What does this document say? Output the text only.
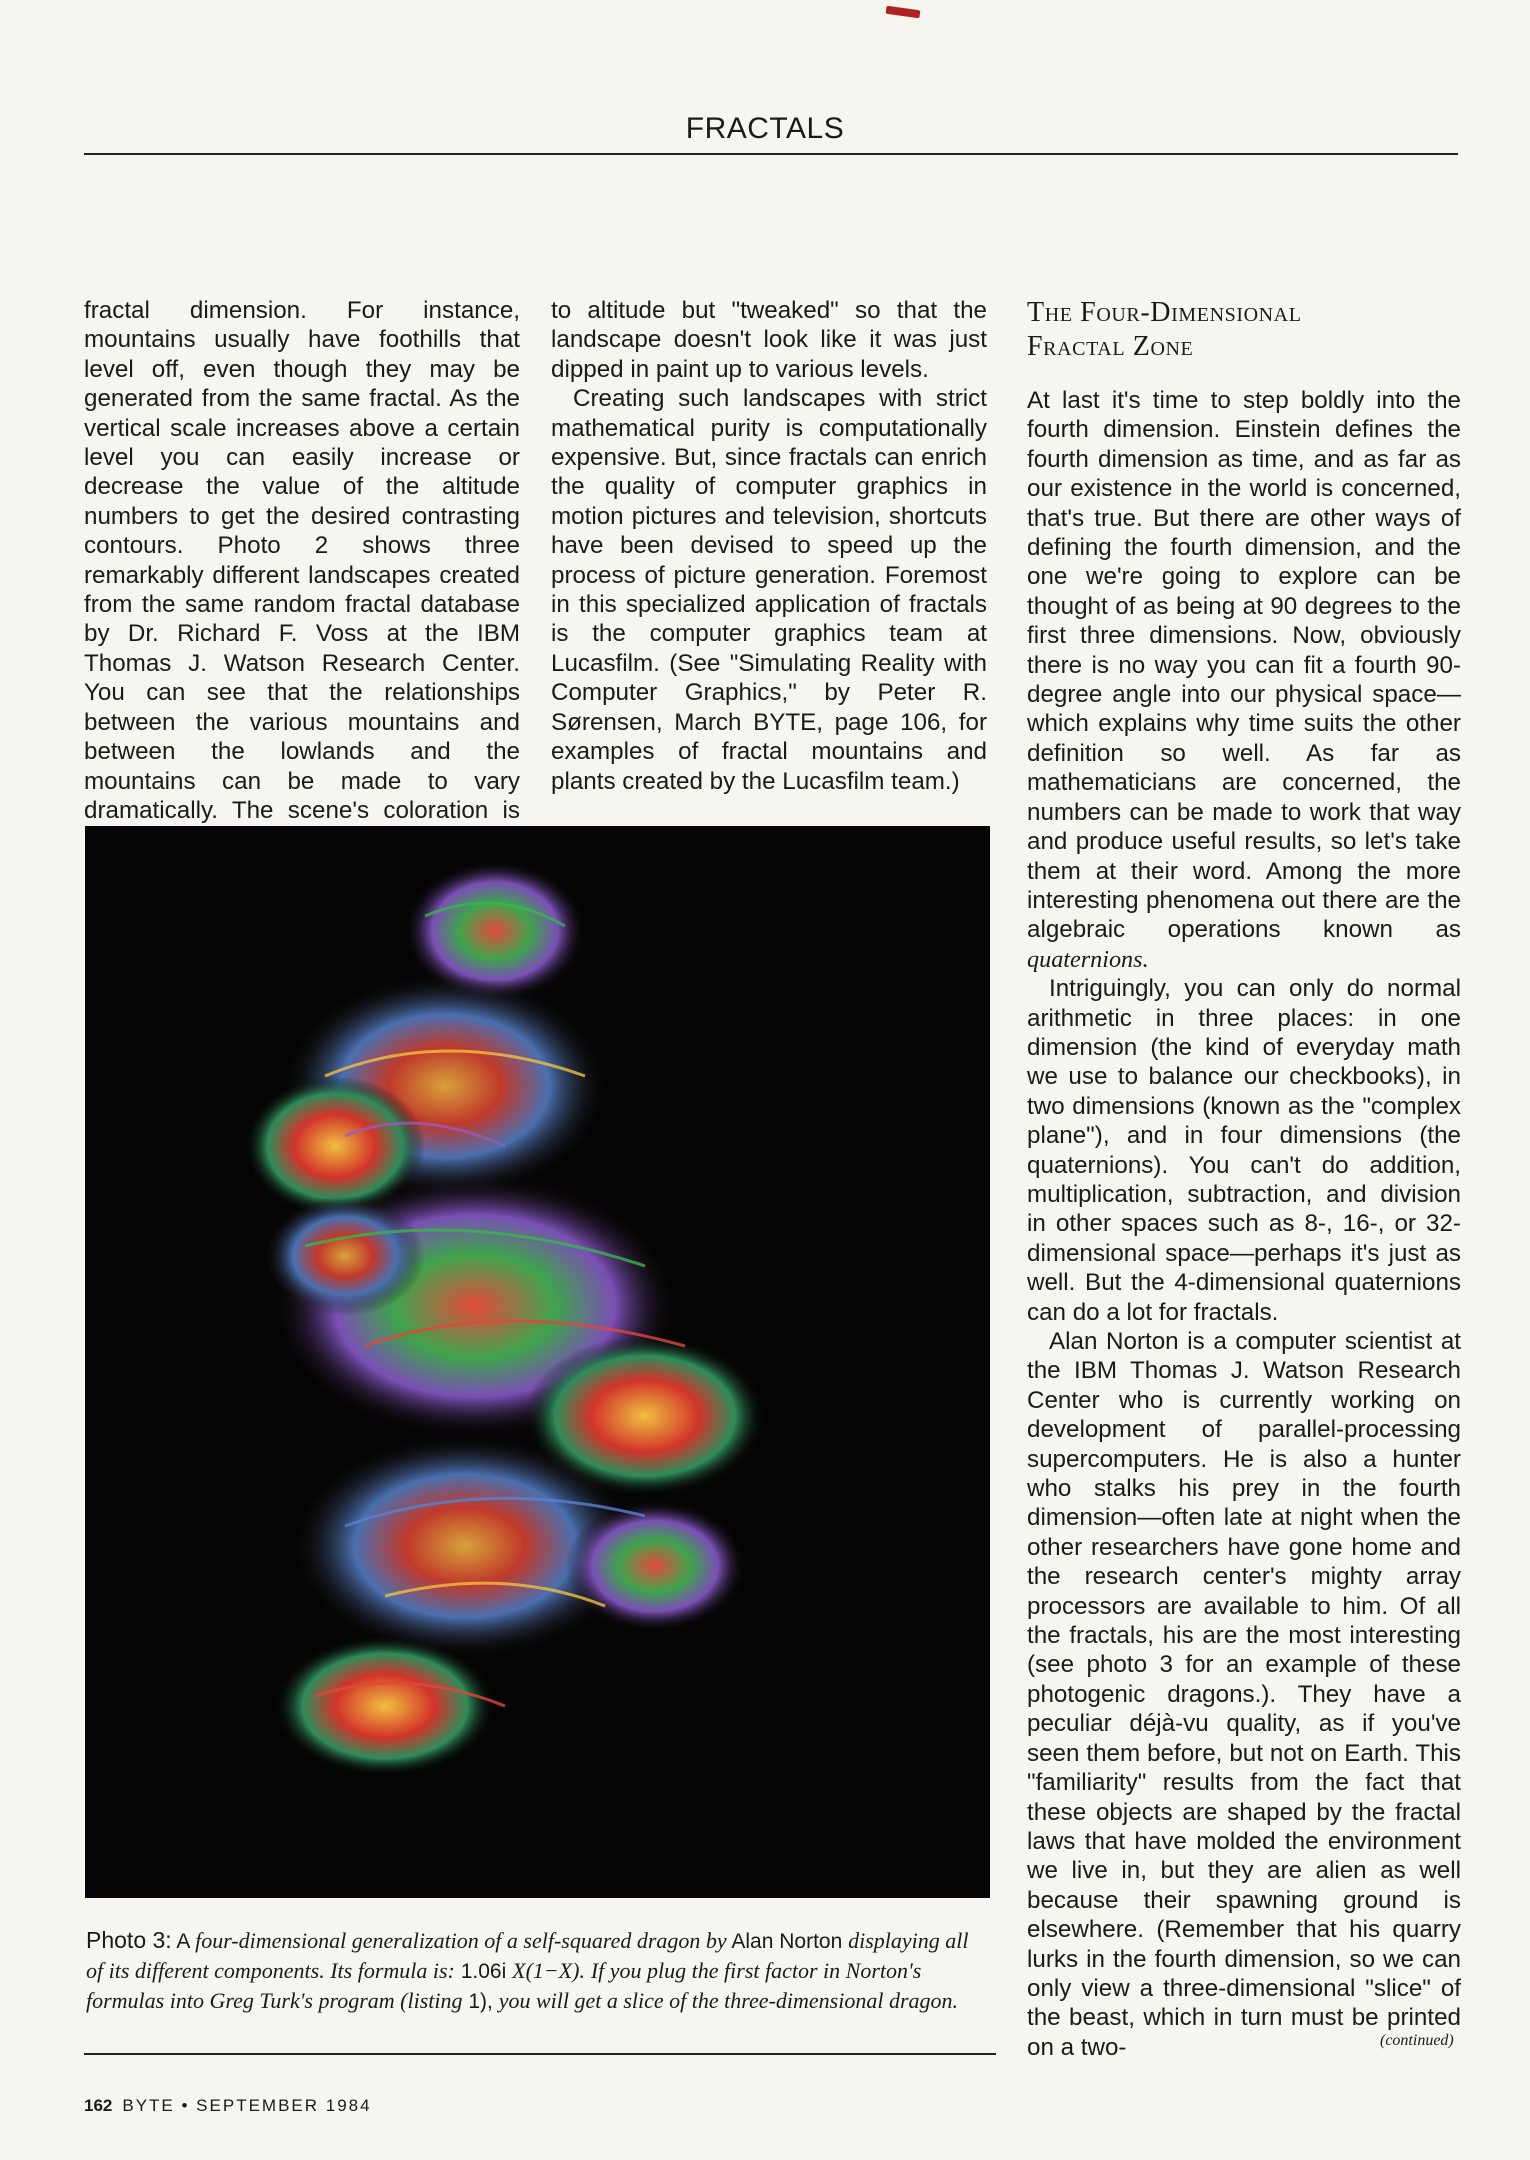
FRACTALS

fractal dimension. For instance, mountains usually have foothills that level off, even though they may be generated from the same fractal. As the vertical scale increases above a certain level you can easily increase or decrease the value of the altitude numbers to get the desired contrasting contours. Photo 2 shows three remarkably different landscapes created from the same random fractal database by Dr. Richard F. Voss at the IBM Thomas J. Watson Research Center. You can see that the relationships between the various mountains and between the lowlands and the mountains can be made to vary dramatically. The scene's coloration is

to altitude but "tweaked" so that the landscape doesn't look like it was just dipped in paint up to various levels.

Creating such landscapes with strict mathematical purity is computationally expensive. But, since fractals can enrich the quality of computer graphics in motion pictures and television, shortcuts have been devised to speed up the process of picture generation. Foremost in this specialized application of fractals is the computer graphics team at Lucasfilm. (See "Simulating Reality with Computer Graphics," by Peter R. Sørensen, March BYTE, page 106, for examples of fractal mountains and plants created by the Lucasfilm team.)

The Four-Dimensional
Fractal Zone

At last it's time to step boldly into the fourth dimension. Einstein defines the fourth dimension as time, and as far as our existence in the world is concerned, that's true. But there are other ways of defining the fourth dimension, and the one we're going to explore can be thought of as being at 90 degrees to the first three dimensions. Now, obviously there is no way you can fit a fourth 90-degree angle into our physical space—which explains why time suits the other definition so well. As far as mathematicians are concerned, the numbers can be made to work that way and produce useful results, so let's take them at their word. Among the more interesting phenomena out there are the algebraic operations known as quaternions.

Intriguingly, you can only do normal arithmetic in three places: in one dimension (the kind of everyday math we use to balance our checkbooks), in two dimensions (known as the "complex plane"), and in four dimensions (the quaternions). You can't do addition, multiplication, subtraction, and division in other spaces such as 8-, 16-, or 32-dimensional space—perhaps it's just as well. But the 4-dimensional quaternions can do a lot for fractals.

Alan Norton is a computer scientist at the IBM Thomas J. Watson Research Center who is currently working on development of parallel-processing supercomputers. He is also a hunter who stalks his prey in the fourth dimension—often late at night when the other researchers have gone home and the research center's mighty array processors are available to him. Of all the fractals, his are the most interesting (see photo 3 for an example of these photogenic dragons.). They have a peculiar déjà-vu quality, as if you've seen them before, but not on Earth. This "familiarity" results from the fact that these objects are shaped by the fractal laws that have molded the environment we live in, but they are alien as well because their spawning ground is elsewhere. (Remember that his quarry lurks in the fourth dimension, so we can only view a three-dimensional "slice" of the beast, which in turn must be printed on a two-

Photo 3: A four-dimensional generalization of a self-squared dragon by Alan Norton displaying all of its different components. Its formula is: 1.06i X(1−X). If you plug the first factor in Norton's formulas into Greg Turk's program (listing 1), you will get a slice of the three-dimensional dragon.
(continued)
162 BYTE • SEPTEMBER 1984
